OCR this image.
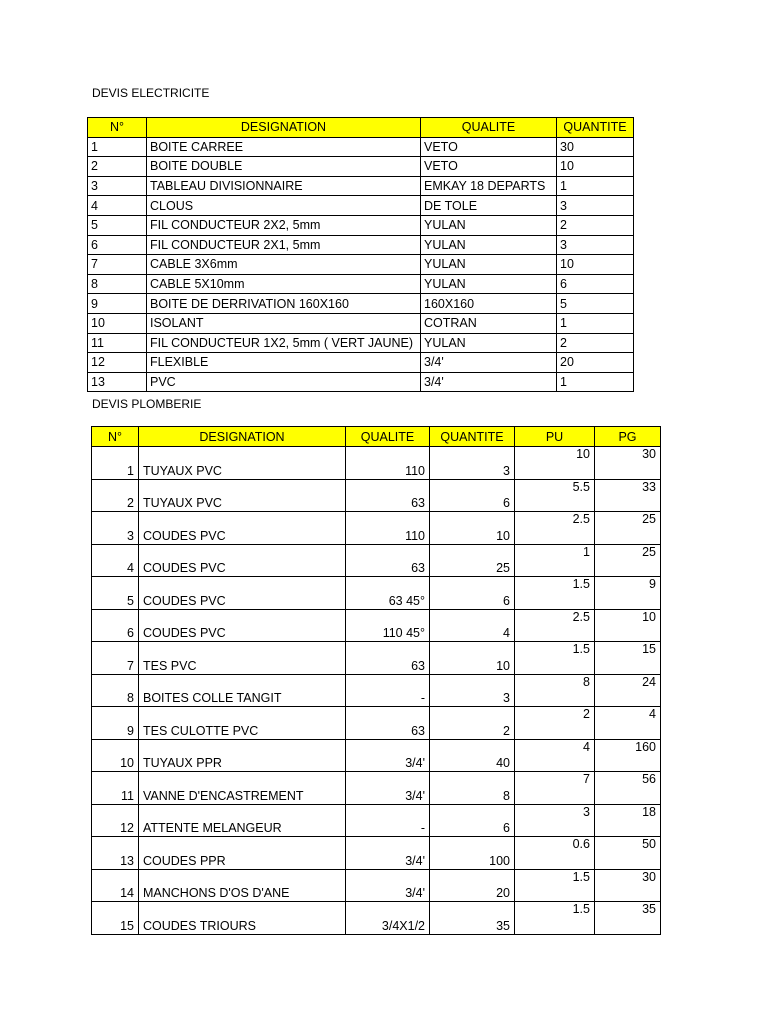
DEVIS ELECTRICITE
N°	DESIGNATION	QUALITE	QUANTITE
1	BOITE CARREE	VETO	30
2	BOITE DOUBLE	VETO	10
3	TABLEAU DIVISIONNAIRE	EMKAY 18 DEPARTS	1
4	CLOUS	DE TOLE	3
5	FIL CONDUCTEUR 2X2, 5mm	YULAN	2
6	FIL CONDUCTEUR 2X1, 5mm	YULAN	3
7	CABLE 3X6mm	YULAN	10
8	CABLE 5X10mm	YULAN	6
9	BOITE DE DERRIVATION 160X160	160X160	5
10	ISOLANT	COTRAN	1
11	FIL CONDUCTEUR 1X2, 5mm ( VERT JAUNE)	YULAN	2
12	FLEXIBLE	3/4'	20
13	PVC	3/4'	1
DEVIS PLOMBERIE
N°	DESIGNATION	QUALITE	QUANTITE	PU	PG
1	TUYAUX PVC	110	3	10	30
2	TUYAUX PVC	63	6	5.5	33
3	COUDES PVC	110	10	2.5	25
4	COUDES PVC	63	25	1	25
5	COUDES PVC	63 45°	6	1.5	9
6	COUDES PVC	110 45°	4	2.5	10
7	TES PVC	63	10	1.5	15
8	BOITES COLLE TANGIT	-	3	8	24
9	TES CULOTTE PVC	63	2	2	4
10	TUYAUX PPR	3/4'	40	4	160
11	VANNE D'ENCASTREMENT	3/4'	8	7	56
12	ATTENTE MELANGEUR	-	6	3	18
13	COUDES PPR	3/4'	100	0.6	50
14	MANCHONS D'OS D'ANE	3/4'	20	1.5	30
15	COUDES TRIOURS	3/4X1/2	35	1.5	35
